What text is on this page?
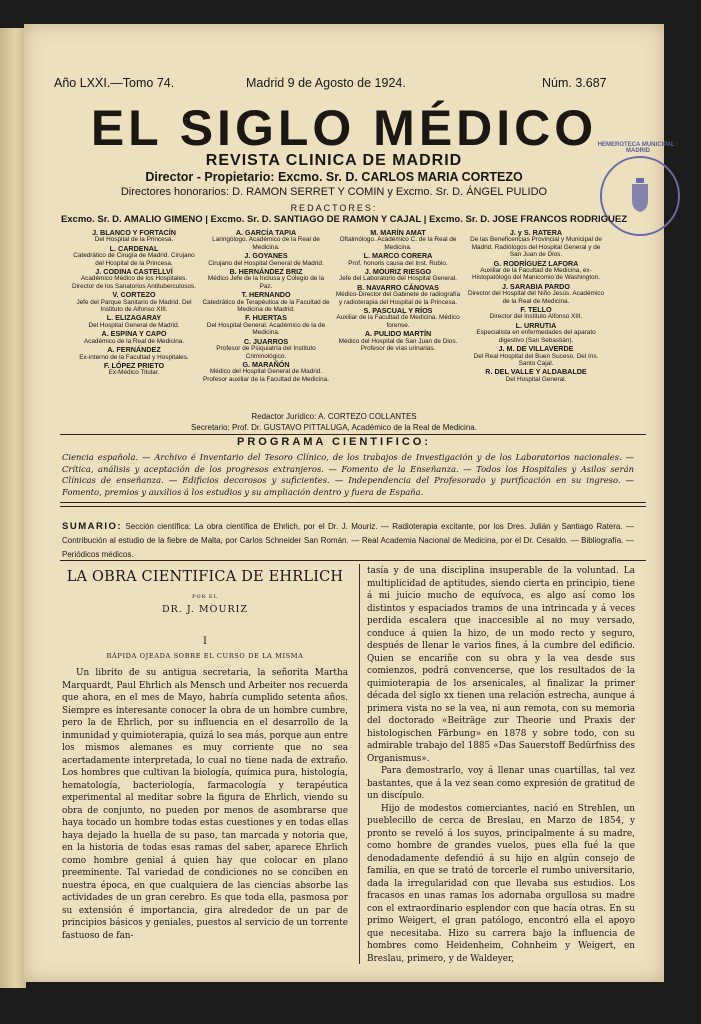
Año LXXI.—Tomo 74.	Madrid 9 de Agosto de 1924.	Núm. 3.687
EL SIGLO MÉDICO HEMEROTECA MUNICIPAL · MADRID
REVISTA CLINICA DE MADRID
Director - Propietario: Excmo. Sr. D. CARLOS MARIA CORTEZO
Directores honorarios: D. RAMON SERRET Y COMIN y Excmo. Sr. D. ÁNGEL PULIDO
REDACTORES:
Excmo. Sr. D. AMALIO GIMENO | Excmo. Sr. D. SANTIAGO DE RAMON Y CAJAL | Excmo. Sr. D. JOSE FRANCOS RODRIGUEZ
J. BLANCO Y FORTACÍN
Del Hospital de la Princesa.
L. CARDENAL
Catedrático de Cirugía de Madrid. Cirujano del Hospital de la Princesa.
J. CODINA CASTELLVÍ
Académico Médico de los Hospitales. Director de los Sanatorios Antituberculosos.
V. CORTEZO
Jefe del Parque Sanitario de Madrid. Del Instituto de Alfonso XIII.
L. ELIZAGARAY
Del Hospital General de Madrid.
A. ESPINA Y CAPO
Académico de la Real de Medicina.
A. FERNÁNDEZ
Ex-interno de la Facultad y Hospitales.
F. LÓPEZ PRIETO
Ex-Médico Titular.
A. GARCÍA TAPIA
Laringólogo. Académico de la Real de Medicina.
J. GOYANES
Cirujano del Hospital General de Madrid.
B. HERNÁNDEZ BRIZ
Médico Jefe de la Inclusa y Colegio de la Paz.
T. HERNANDO
Catedrático de Terapéutica de la Facultad de Medicina de Madrid.
F. HUERTAS
Del Hospital General. Académico de la de Medicina.
C. JUARROS
Profesor de Psiquiatría del Instituto Criminológico.
G. MARAÑÓN
Médico del Hospital General de Madrid. Profesor auxiliar de la Facultad de Medicina.
M. MARÍN AMAT
Oftalmólogo. Académico C. de la Real de Medicina.
L. MARCO CORERA
Prof. honoris causa del Inst. Rubio.
J. MOURIZ RIESGO
Jefe del Laboratorio del Hospital General.
B. NAVARRO CÁNOVAS
Médico-Director del Gabinete de radiografía y radioterapia del Hospital de la Princesa.
S. PASCUAL Y RÍOS
Auxiliar de la Facultad de Medicina. Médico forense.
A. PULIDO MARTÍN
Médico del Hospital de San Juan de Dios. Profesor de vías urinarias.
J. y S. RATERA
De las Beneficencias Provincial y Municipal de Madrid. Radiólogos del Hospital General y de San Juan de Dios.
G. RODRÍGUEZ LAFORA
Auxiliar de la Facultad de Medicina, ex-Histopatólogo del Manicomio de Washington.
J. SARABIA PARDO
Director del Hospital del Niño Jesús. Académico de la Real de Medicina.
F. TELLO
Director del Instituto Alfonso XIII.
L. URRUTIA
Especialista en enfermedades del aparato digestivo (San Sebastián).
J. M. DE VILLAVERDE
Del Real Hospital del Buen Suceso. Del Ins. Santo Cajal.
R. DEL VALLE Y ALDABALDE
Del Hospital General.
Redactor Jurídico: A. CORTEZO COLLANTES
Secretario: Prof. Dr. GUSTAVO PITTALUGA, Académico de la Real de Medicina.
PROGRAMA CIENTIFICO:
Ciencia española. — Archivo é Inventario del Tesoro Clínico, de los trabajos de Investigación y de los Laboratorios nacionales. — Crítica, análisis y aceptación de los progresos extranjeros. — Fomento de la Enseñanza. — Todos los Hospitales y Asilos serán Clínicas de enseñanza. — Edificios decorosos y suficientes. — Independencia del Profesorado y purificación en su ingreso. — Fomento, premios y auxilios á los estudios y su ampliación dentro y fuera de España.
SUMARIO: Sección científica: La obra científica de Ehrlich, por el Dr. J. Mouriz. — Radioterapia excitante, por los Dres. Julián y Santiago Ratera. — Contribución al estudio de la fiebre de Malta, por Carlos Schneider San Román. — Real Academia Nacional de Medicina, por el Dr. Cesaldo. — Bibliografía. — Periódicos médicos.
LA OBRA CIENTIFICA DE EHRLICH
POR EL
DR. J. MOURIZ
I
RÁPIDA OJEADA SOBRE EL CURSO DE LA MISMA

Un librito de su antigua secretaria, la señorita Martha Marquardt, Paul Ehrlich als Mensch und Arbeiter nos recuerda que ahora, en el mes de Mayo, habría cumplido setenta años. Siempre es interesante conocer la obra de un hombre cumbre, pero la de Ehrlich, por su influencia en el desarrollo de la inmunidad y quimioterapia, quizá lo sea más, porque aun entre los mismos alemanes es muy corriente que no sea acertadamente interpretada, lo cual no tiene nada de extraño. Los hombres que cultivan la biología, química pura, histología, hematología, bacteriología, farmacología y terapéutica experimental al meditar sobre la figura de Ehrlich, viendo su obra de conjunto, no pueden por menos de asombrarse que haya tocado un hombre todas estas cuestiones y en todas ellas haya dejado la huella de su paso, tan marcada y notoria que, en la historia de todas esas ramas del saber, aparece Ehrlich como hombre genial á quien hay que colocar en plano preeminente. Tal variedad de condiciones no se conciben en nuestra época, en que cualquiera de las ciencias absorbe las actividades de un gran cerebro. Es que toda ella, pasmosa por su extensión é importancia, gira alrededor de un par de principios básicos y geniales, puestos al servicio de un torrente fastuoso de fan-

tasía y de una disciplina insuperable de la voluntad. La multiplicidad de aptitudes, siendo cierta en principio, tiene á mi juicio mucho de equívoca, es algo así como los distintos y espaciados tramos de una intrincada y á veces perdida escalera que inaccesible al no muy versado, conduce á quien la hizo, de un modo recto y seguro, después de llenar le varios fines, á la cumbre del edificio. Quien se encariñe con su obra y la vea desde sus comienzos, podrá convencerse, que los resultados de la quimioterapia de los arsenicales, al finalizar la primer década del siglo xx tienen una relación estrecha, aunque á primera vista no se la vea, ni aun remota, con su memoria del doctorado «Beiträge zur Theorie und Praxis der histologischen Färbung» en 1878 y sobre todo, con su admirable trabajo del 1885 «Das Sauerstoff Bedürfniss des Organismus».

Para demostrarlo, voy á llenar unas cuartillas, tal vez bastantes, que á la vez sean como expresión de gratitud de un discípulo.

Hijo de modestos comerciantes, nació en Strehlen, un pueblecillo de cerca de Breslau, en Marzo de 1854, y pronto se reveló á los suyos, principalmente á su madre, como hombre de grandes vuelos, pues ella fué la que denodadamente defendió á su hijo en algún consejo de familia, en que se trató de torcerle el rumbo universitario, dada la irregularidad con que llevaba sus estudios. Los fracasos en unas ramas los adornaba orgullosa su madre con el extraordinario esplendor con que hacía otras. En su primo Weigert, el gran patólogo, encontró ella el apoyo que necesitaba. Hizo su carrera bajo la influencia de hombres como Heidenheim, Cohnheim y Weigert, en Breslau, primero, y de Waldeyer,
